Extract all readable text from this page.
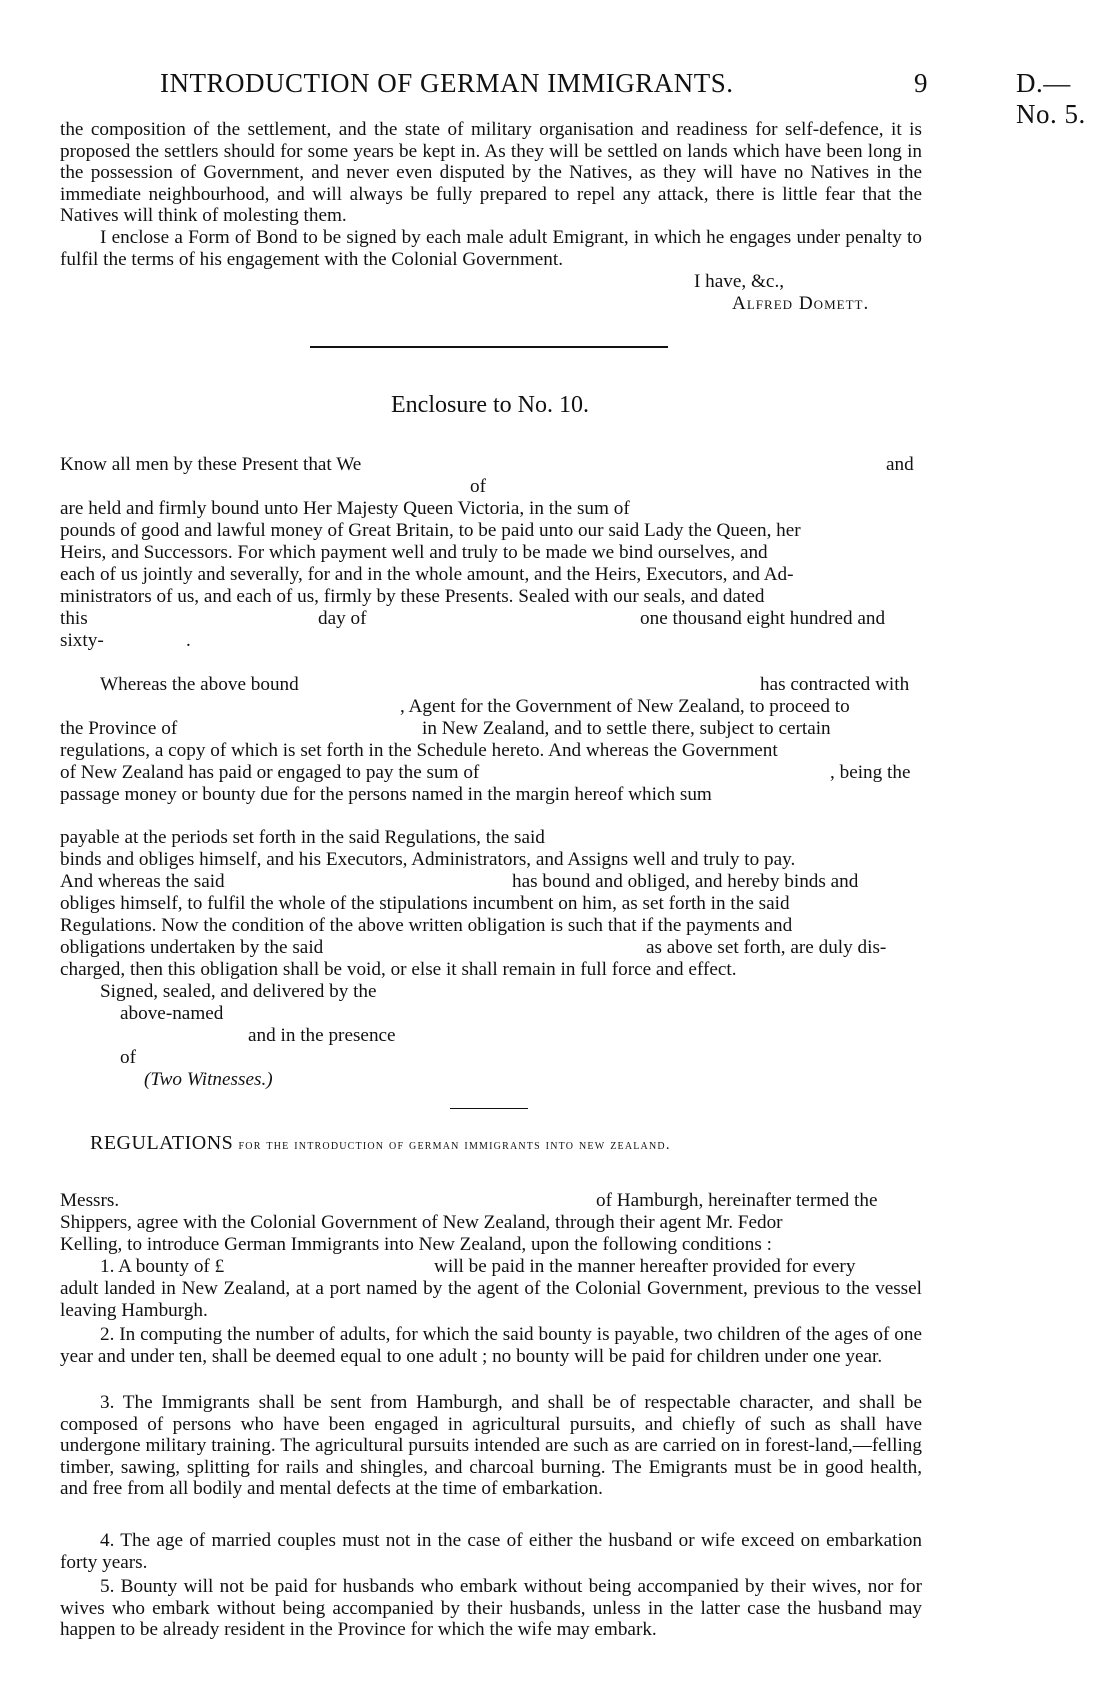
INTRODUCTION OF GERMAN IMMIGRANTS.	9	D.—No. 5.
the composition of the settlement, and the state of military organisation and readiness for self-defence, it is proposed the settlers should for some years be kept in. As they will be settled on lands which have been long in the possession of Government, and never even disputed by the Natives, as they will have no Natives in the immediate neighbourhood, and will always be fully prepared to repel any attack, there is little fear that the Natives will think of molesting them.
I enclose a Form of Bond to be signed by each male adult Emigrant, in which he engages under penalty to fulfil the terms of his engagement with the Colonial Government.
I have, &c.,
Alfred Domett.
Enclosure to No. 10.
Know all men by these Present that We	and
of
are held and firmly bound unto Her Majesty Queen Victoria, in the sum of
pounds of good and lawful money of Great Britain, to be paid unto our said Lady the Queen, her
Heirs, and Successors. For which payment well and truly to be made we bind ourselves, and
each of us jointly and severally, for and in the whole amount, and the Heirs, Executors, and Ad-
ministrators of us, and each of us, firmly by these Presents. Sealed with our seals, and dated
this	day of	one thousand eight hundred and
sixty-	.
Whereas the above bound	has contracted with
, Agent for the Government of New Zealand, to proceed to
the Province of	in New Zealand, and to settle there, subject to certain
regulations, a copy of which is set forth in the Schedule hereto. And whereas the Government
of New Zealand has paid or engaged to pay the sum of	, being the
passage money or bounty due for the persons named in the margin hereof which sum
payable at the periods set forth in the said Regulations, the said
binds and obliges himself, and his Executors, Administrators, and Assigns well and truly to pay.
And whereas the said	has bound and obliged, and hereby binds and
obliges himself, to fulfil the whole of the stipulations incumbent on him, as set forth in the said
Regulations. Now the condition of the above written obligation is such that if the payments and
obligations undertaken by the said	as above set forth, are duly dis-
charged, then this obligation shall be void, or else it shall remain in full force and effect.
Signed, sealed, and delivered by the
above-named
and in the presence
of
(Two Witnesses.)
REGULATIONS for the introduction of german immigrants into new zealand.
Messrs.	of Hamburgh, hereinafter termed the
Shippers, agree with the Colonial Government of New Zealand, through their agent Mr. Fedor
Kelling, to introduce German Immigrants into New Zealand, upon the following conditions :
1. A bounty of £	will be paid in the manner hereafter provided for every
adult landed in New Zealand, at a port named by the agent of the Colonial Government, previous to the vessel leaving Hamburgh.
2. In computing the number of adults, for which the said bounty is payable, two children of the ages of one year and under ten, shall be deemed equal to one adult ; no bounty will be paid for children under one year.
3. The Immigrants shall be sent from Hamburgh, and shall be of respectable character, and shall be composed of persons who have been engaged in agricultural pursuits, and chiefly of such as shall have undergone military training. The agricultural pursuits intended are such as are carried on in forest-land,—felling timber, sawing, splitting for rails and shingles, and charcoal burning. The Emigrants must be in good health, and free from all bodily and mental defects at the time of embarkation.
4. The age of married couples must not in the case of either the husband or wife exceed on embarkation forty years.
5. Bounty will not be paid for husbands who embark without being accompanied by their wives, nor for wives who embark without being accompanied by their husbands, unless in the latter case the husband may happen to be already resident in the Province for which the wife may embark.
